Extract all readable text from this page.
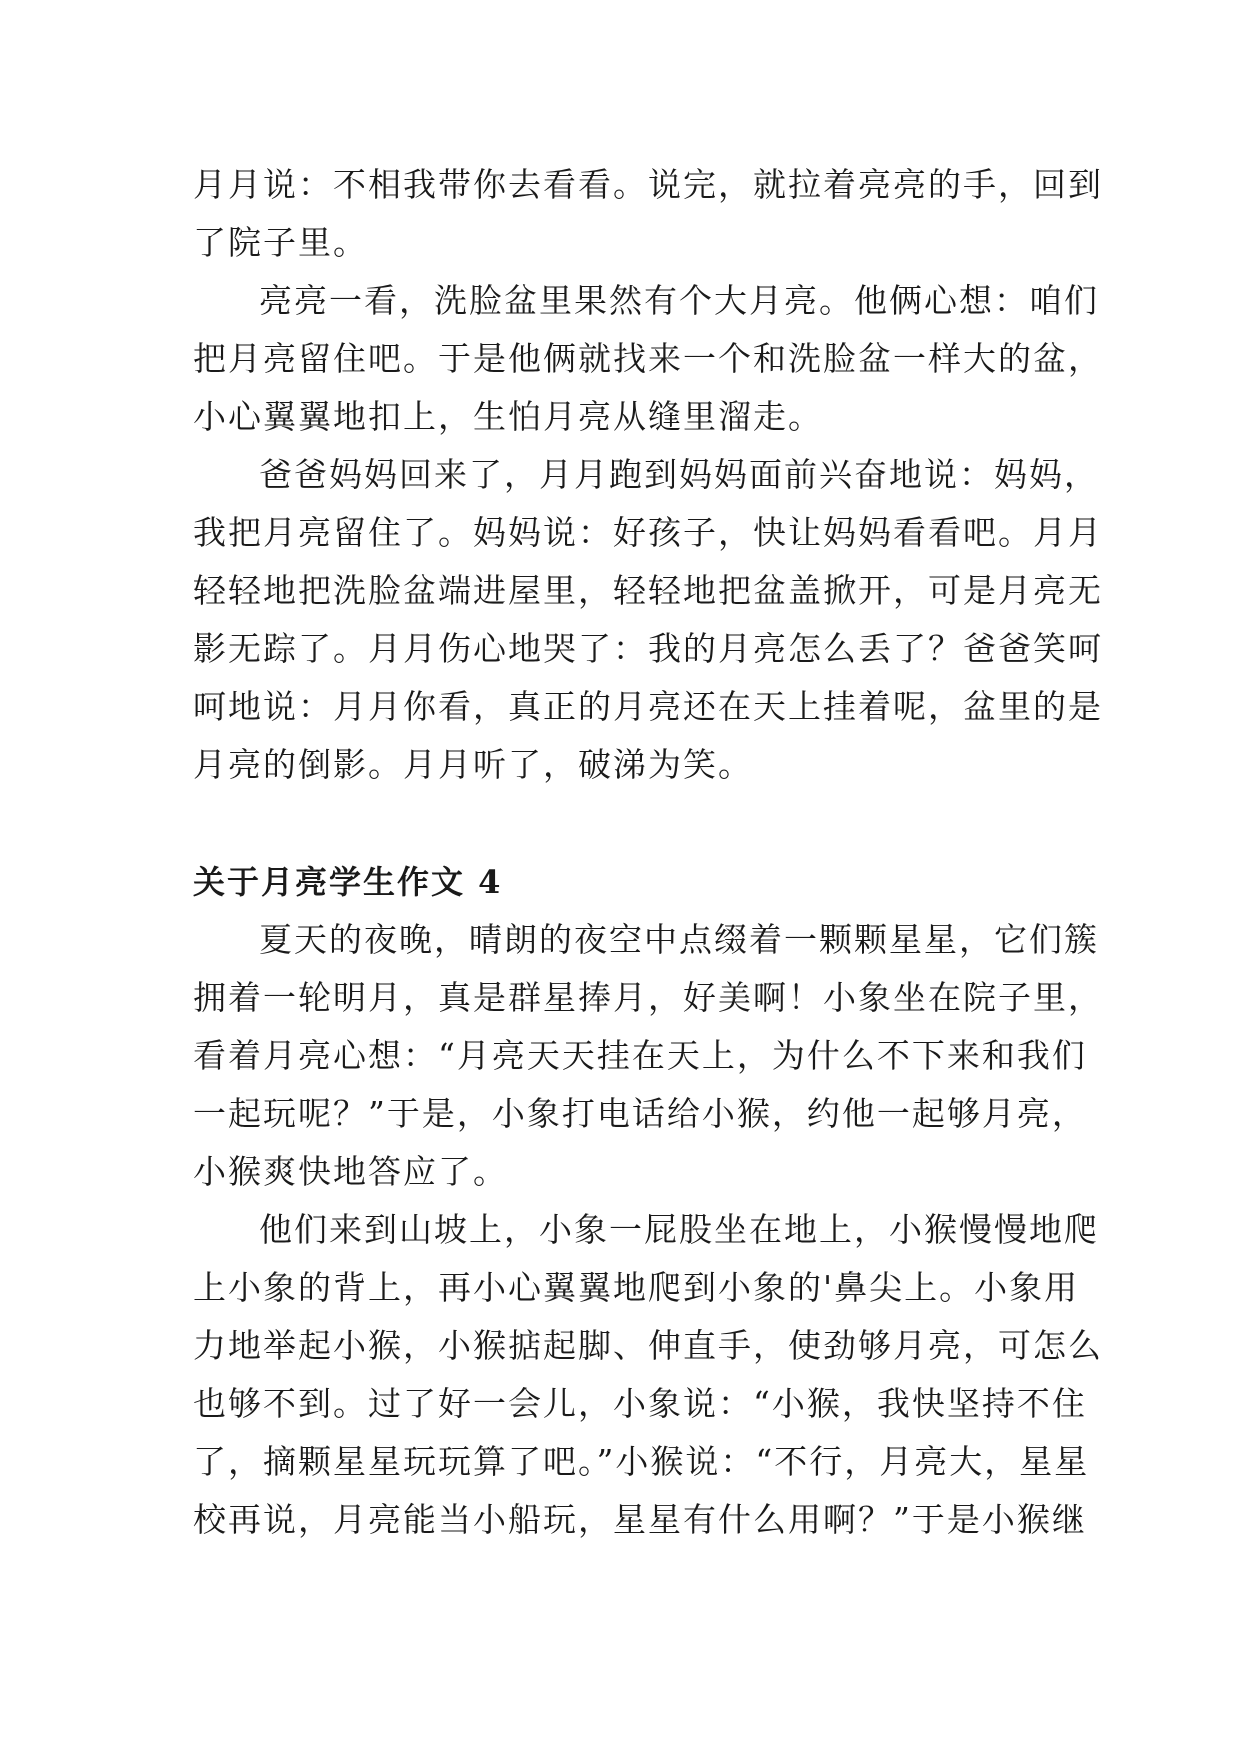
月月说：不相我带你去看看。说完，就拉着亮亮的手，回到
了院子里。

亮亮一看，洗脸盆里果然有个大月亮。他俩心想：咱们
把月亮留住吧。于是他俩就找来一个和洗脸盆一样大的盆，
小心翼翼地扣上，生怕月亮从缝里溜走。

爸爸妈妈回来了，月月跑到妈妈面前兴奋地说：妈妈，
我把月亮留住了。妈妈说：好孩子，快让妈妈看看吧。月月
轻轻地把洗脸盆端进屋里，轻轻地把盆盖掀开，可是月亮无
影无踪了。月月伤心地哭了：我的月亮怎么丢了？爸爸笑呵
呵地说：月月你看，真正的月亮还在天上挂着呢，盆里的是
月亮的倒影。月月听了，破涕为笑。

关于月亮学生作文 4

夏天的夜晚，晴朗的夜空中点缀着一颗颗星星，它们簇
拥着一轮明月，真是群星捧月，好美啊！小象坐在院子里，
看着月亮心想：“月亮天天挂在天上，为什么不下来和我们
一起玩呢？”于是，小象打电话给小猴，约他一起够月亮，
小猴爽快地答应了。

他们来到山坡上，小象一屁股坐在地上，小猴慢慢地爬
上小象的背上，再小心翼翼地爬到小象的'鼻尖上。小象用
力地举起小猴，小猴掂起脚、伸直手，使劲够月亮，可怎么
也够不到。过了好一会儿，小象说：“小猴，我快坚持不住
了，摘颗星星玩玩算了吧。”小猴说：“不行，月亮大，星星
校再说，月亮能当小船玩，星星有什么用啊？”于是小猴继
